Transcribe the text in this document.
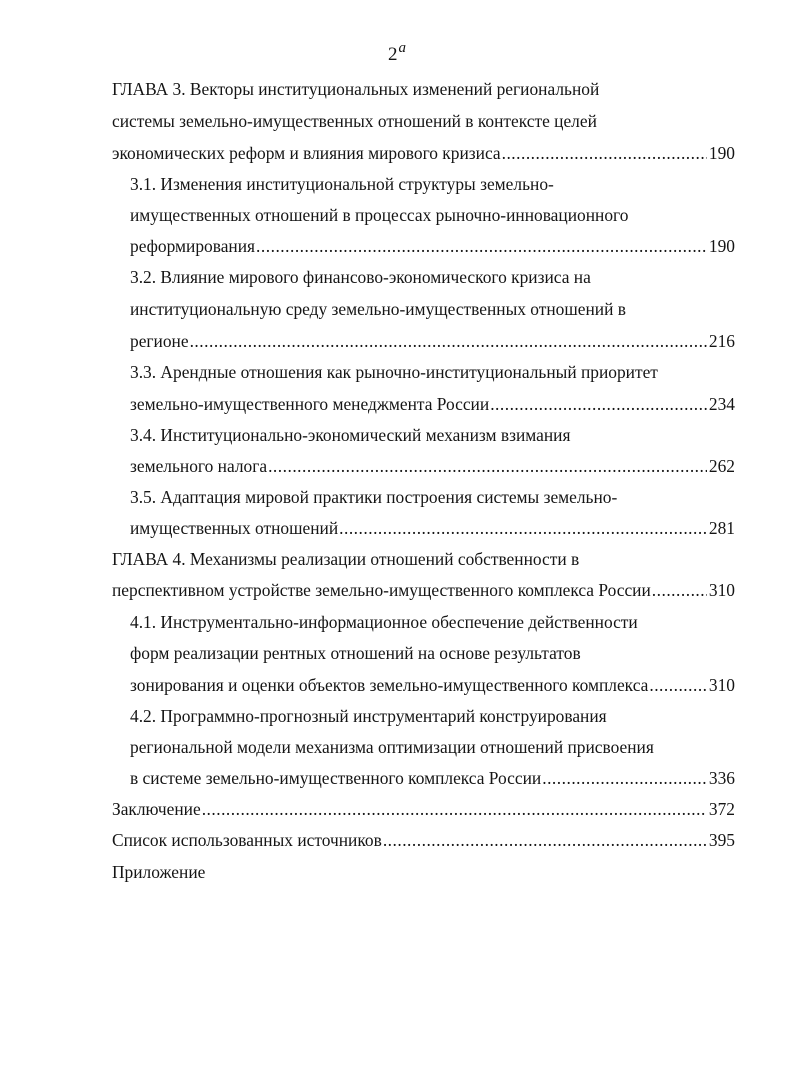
2$^a$
ГЛАВА 3. Векторы институциональных изменений региональной
системы земельно-имущественных отношений в контексте целей
экономических реформ и влияния мирового кризиса .....	190
3.1. Изменения институциональной структуры земельно-
имущественных отношений в процессах рыночно-инновационного
реформирования .....	190
3.2. Влияние мирового финансово-экономического кризиса на
институциональную среду земельно-имущественных отношений в
регионе .....	216
3.3. Арендные отношения как рыночно-институциональный приоритет
земельно-имущественного менеджмента России .....	234
3.4. Институционально-экономический механизм взимания
земельного налога .....	262
3.5. Адаптация мировой практики построения системы земельно-
имущественных отношений .....	281
ГЛАВА 4. Механизмы реализации отношений собственности в
перспективном устройстве земельно-имущественного комплекса России .....	310
4.1. Инструментально-информационное обеспечение действенности
форм реализации рентных отношений на основе результатов
зонирования и оценки объектов земельно-имущественного комплекса .....	310
4.2. Программно-прогнозный инструментарий конструирования
региональной модели механизма оптимизации отношений присвоения
в системе земельно-имущественного комплекса России .....	336
Заключение .....	372
Список использованных источников .....	395
Приложение
